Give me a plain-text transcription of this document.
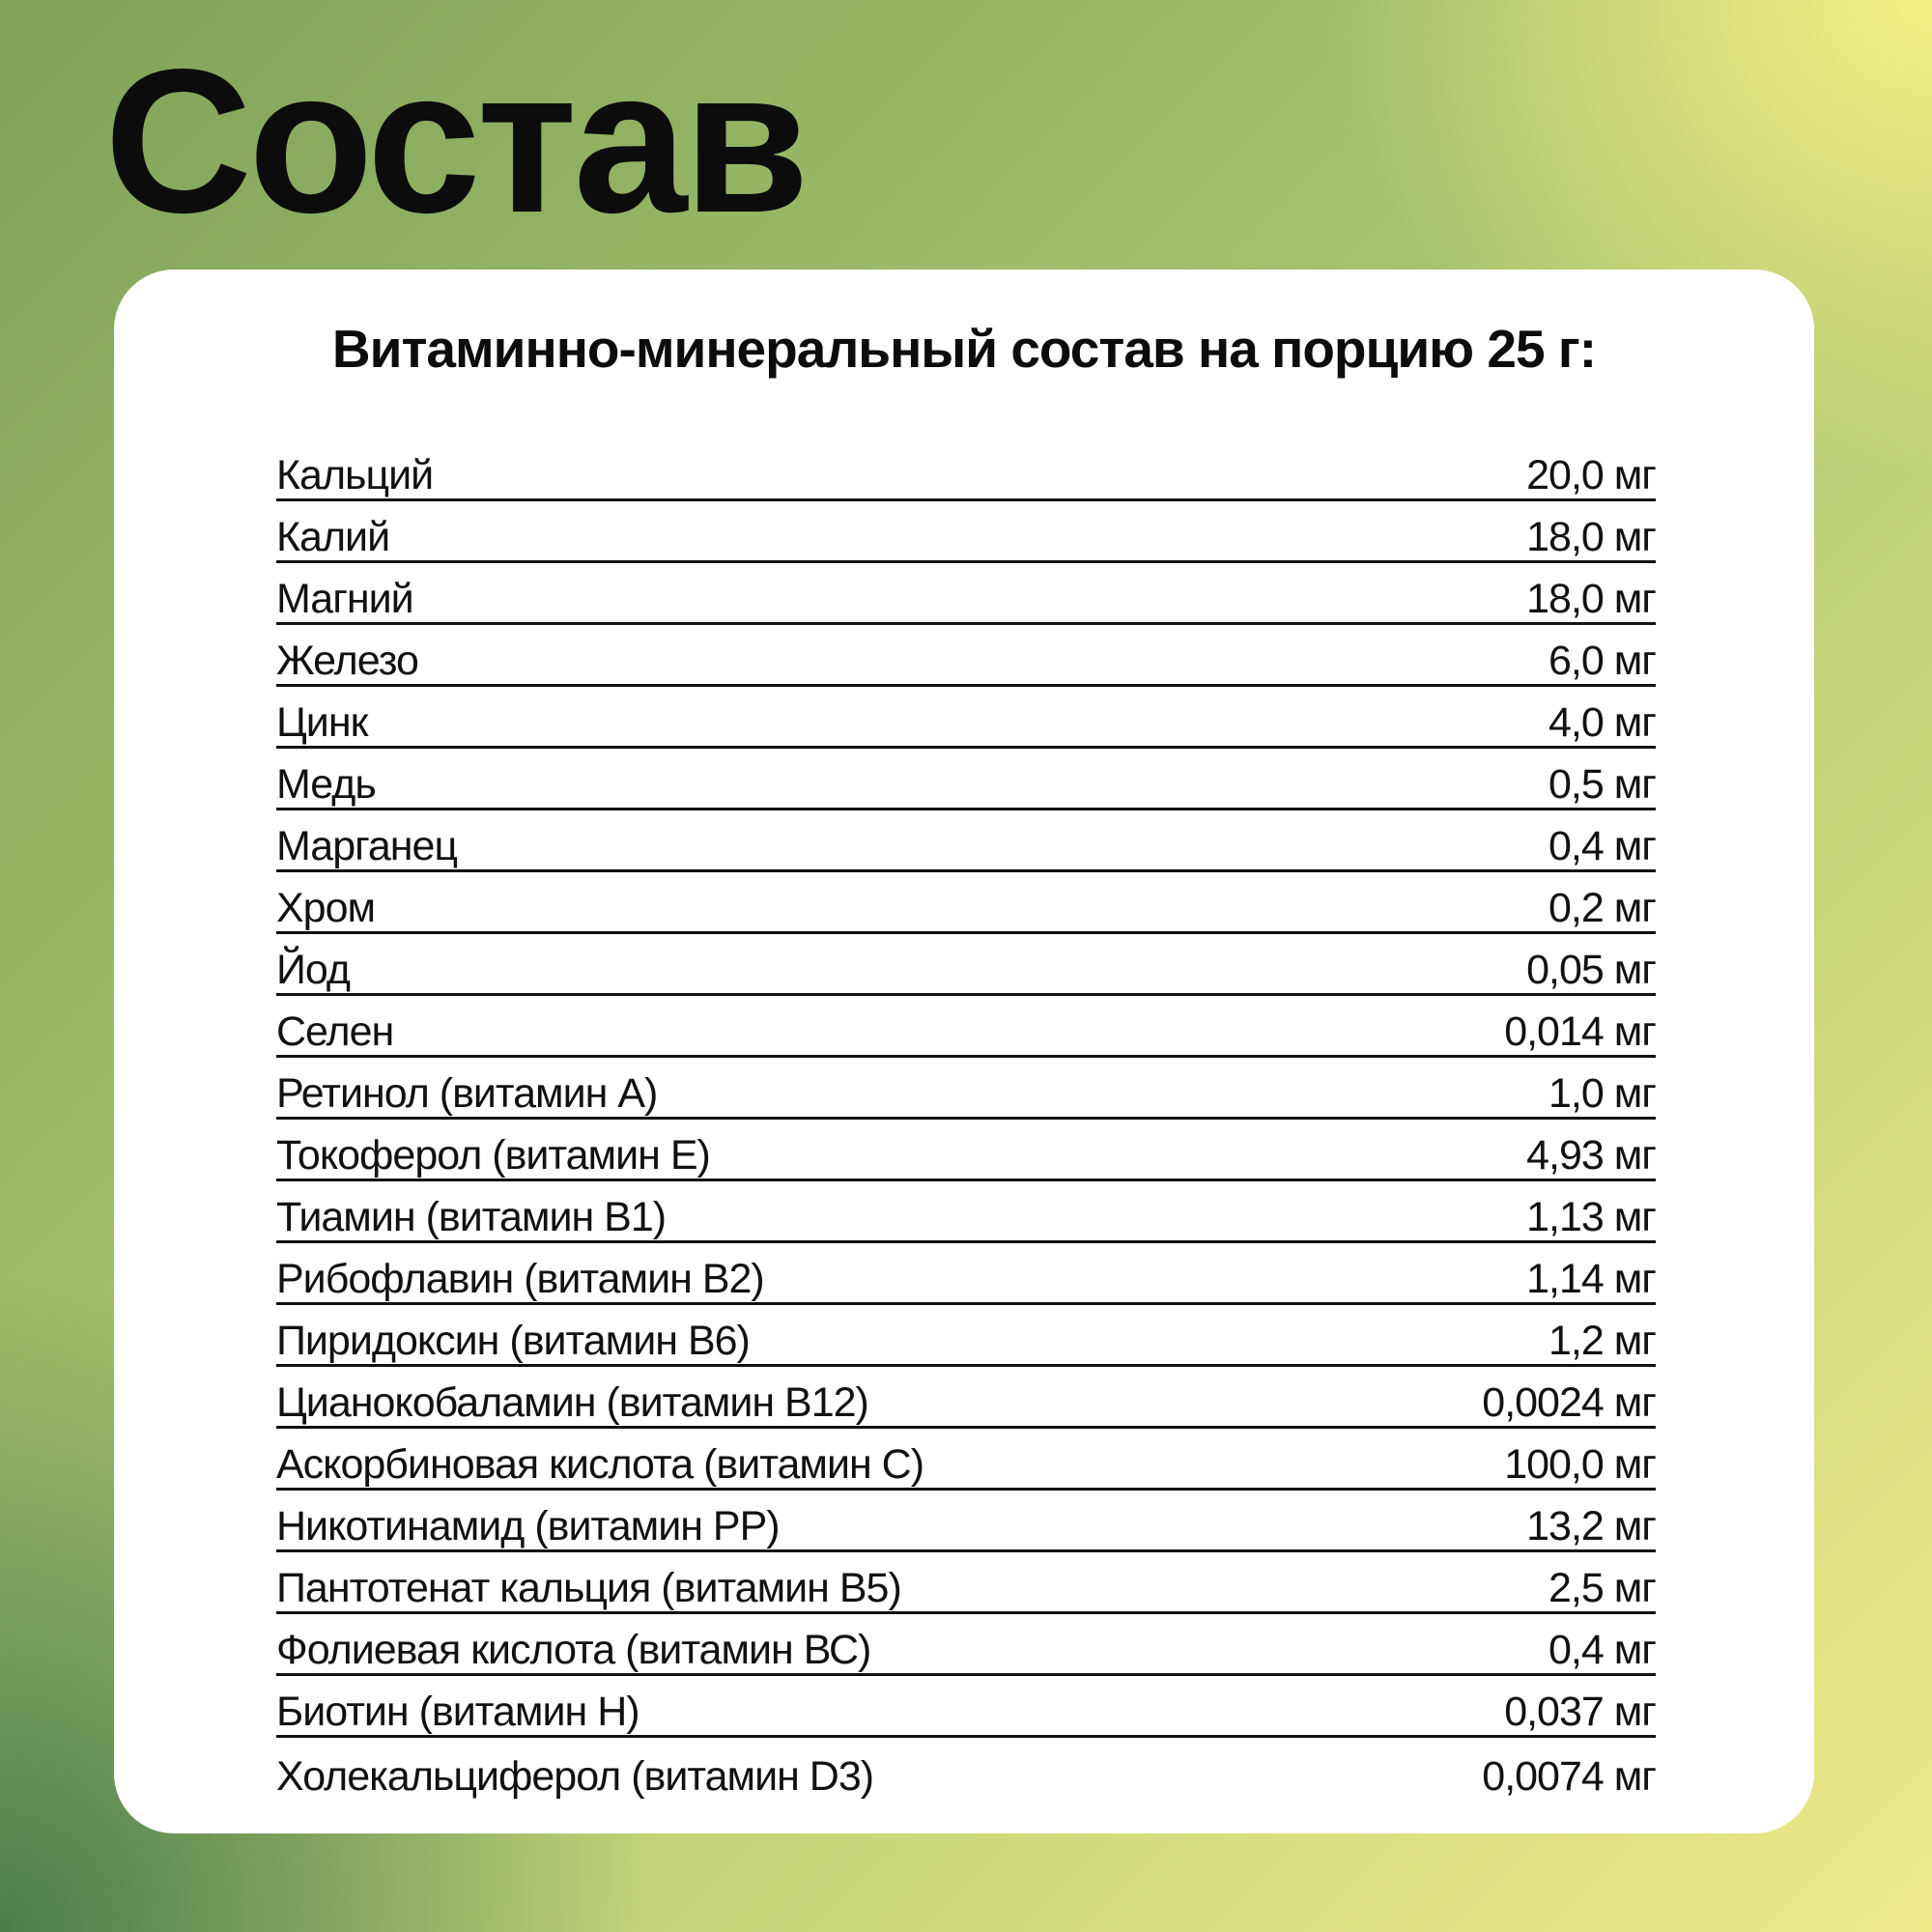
Состав
Витаминно-минеральный состав на порцию 25 г:
Кальций	20,0 мг
Калий	18,0 мг
Магний	18,0 мг
Железо	6,0 мг
Цинк	4,0 мг
Медь	0,5 мг
Марганец	0,4 мг
Хром	0,2 мг
Йод	0,05 мг
Селен	0,014 мг
Ретинол (витамин А)	1,0 мг
Токоферол (витамин Е)	4,93 мг
Тиамин (витамин В1)	1,13 мг
Рибофлавин (витамин В2)	1,14 мг
Пиридоксин (витамин В6)	1,2 мг
Цианокобаламин (витамин В12)	0,0024 мг
Аскорбиновая кислота (витамин С)	100,0 мг
Никотинамид (витамин РР)	13,2 мг
Пантотенат кальция (витамин В5)	2,5 мг
Фолиевая кислота (витамин ВС)	0,4 мг
Биотин (витамин Н)	0,037 мг
Холекальциферол (витамин D3)	0,0074 мг
